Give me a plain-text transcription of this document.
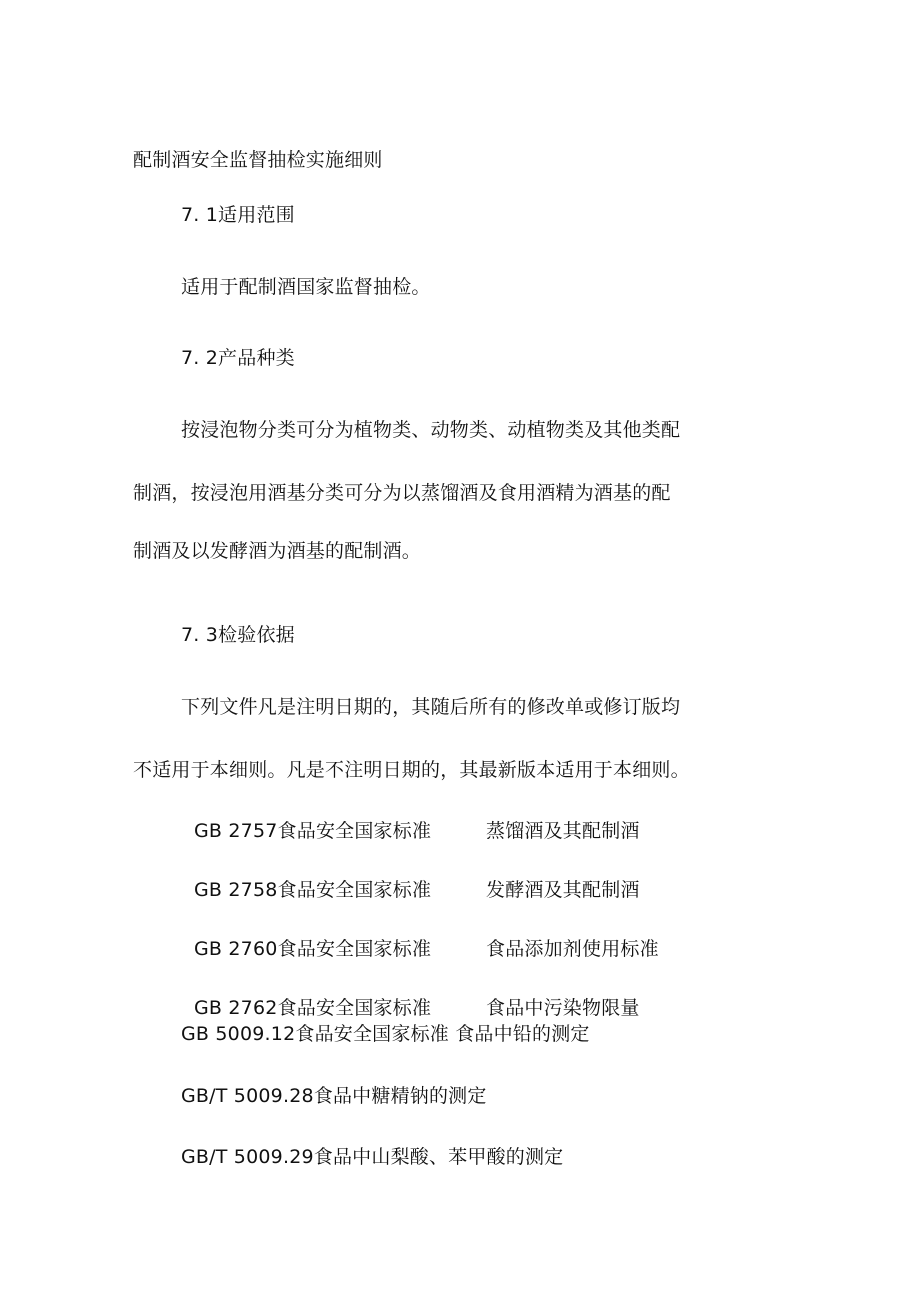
配制酒安全监督抽检实施细则
7. 1适用范围
适用于配制酒国家监督抽检。
7. 2产品种类
按浸泡物分类可分为植物类、动物类、动植物类及其他类配
制酒，按浸泡用酒基分类可分为以蒸馏酒及食用酒精为酒基的配
制酒及以发酵酒为酒基的配制酒。
7. 3检验依据
下列文件凡是注明日期的，其随后所有的修改单或修订版均
不适用于本细则。凡是不注明日期的，其最新版本适用于本细则。
GB 2757食品安全国家标准	蒸馏酒及其配制酒
GB 2758食品安全国家标准	发酵酒及其配制酒
GB 2760食品安全国家标准	食品添加剂使用标准
GB 2762食品安全国家标准	食品中污染物限量
GB 5009.12食品安全国家标准 食品中铅的测定
GB/T 5009.28食品中糖精钠的测定
GB/T 5009.29食品中山梨酸、苯甲酸的测定
